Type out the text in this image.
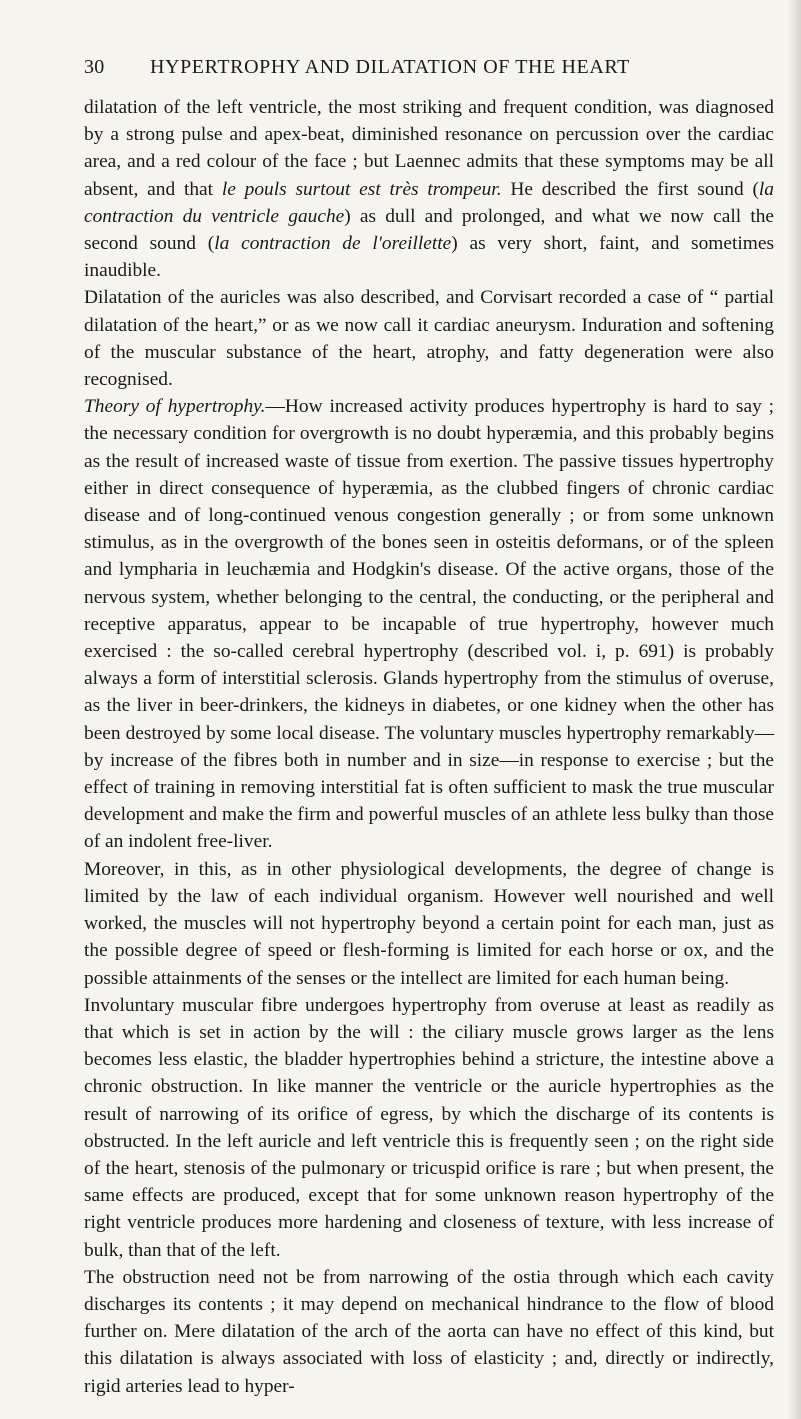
30 HYPERTROPHY AND DILATATION OF THE HEART

dilatation of the left ventricle, the most striking and frequent condition, was diagnosed by a strong pulse and apex-beat, diminished resonance on percussion over the cardiac area, and a red colour of the face ; but Laennec admits that these symptoms may be all absent, and that le pouls surtout est très trompeur. He described the first sound (la contraction du ventricle gauche) as dull and prolonged, and what we now call the second sound (la contraction de l'oreillette) as very short, faint, and sometimes inaudible.

Dilatation of the auricles was also described, and Corvisart recorded a case of “ partial dilatation of the heart,” or as we now call it cardiac aneurysm. Induration and softening of the muscular substance of the heart, atrophy, and fatty degeneration were also recognised.

Theory of hypertrophy.—How increased activity produces hypertrophy is hard to say ; the necessary condition for overgrowth is no doubt hyperæmia, and this probably begins as the result of increased waste of tissue from exertion. The passive tissues hypertrophy either in direct consequence of hyperæmia, as the clubbed fingers of chronic cardiac disease and of long-continued venous congestion generally ; or from some unknown stimulus, as in the overgrowth of the bones seen in osteitis deformans, or of the spleen and lympharia in leuchæmia and Hodgkin's disease. Of the active organs, those of the nervous system, whether belonging to the central, the conducting, or the peripheral and receptive apparatus, appear to be incapable of true hypertrophy, however much exercised : the so-called cerebral hypertrophy (described vol. i, p. 691) is probably always a form of interstitial sclerosis. Glands hypertrophy from the stimulus of overuse, as the liver in beer-drinkers, the kidneys in diabetes, or one kidney when the other has been destroyed by some local disease. The voluntary muscles hypertrophy remarkably—by increase of the fibres both in number and in size—in response to exercise ; but the effect of training in removing interstitial fat is often sufficient to mask the true muscular development and make the firm and powerful muscles of an athlete less bulky than those of an indolent free-liver.

Moreover, in this, as in other physiological developments, the degree of change is limited by the law of each individual organism. However well nourished and well worked, the muscles will not hypertrophy beyond a certain point for each man, just as the possible degree of speed or flesh-forming is limited for each horse or ox, and the possible attainments of the senses or the intellect are limited for each human being.

Involuntary muscular fibre undergoes hypertrophy from overuse at least as readily as that which is set in action by the will : the ciliary muscle grows larger as the lens becomes less elastic, the bladder hypertrophies behind a stricture, the intestine above a chronic obstruction. In like manner the ventricle or the auricle hypertrophies as the result of narrowing of its orifice of egress, by which the discharge of its contents is obstructed. In the left auricle and left ventricle this is frequently seen ; on the right side of the heart, stenosis of the pulmonary or tricuspid orifice is rare ; but when present, the same effects are produced, except that for some unknown reason hypertrophy of the right ventricle produces more hardening and closeness of texture, with less increase of bulk, than that of the left.

The obstruction need not be from narrowing of the ostia through which each cavity discharges its contents ; it may depend on mechanical hindrance to the flow of blood further on. Mere dilatation of the arch of the aorta can have no effect of this kind, but this dilatation is always associated with loss of elasticity ; and, directly or indirectly, rigid arteries lead to hyper-
